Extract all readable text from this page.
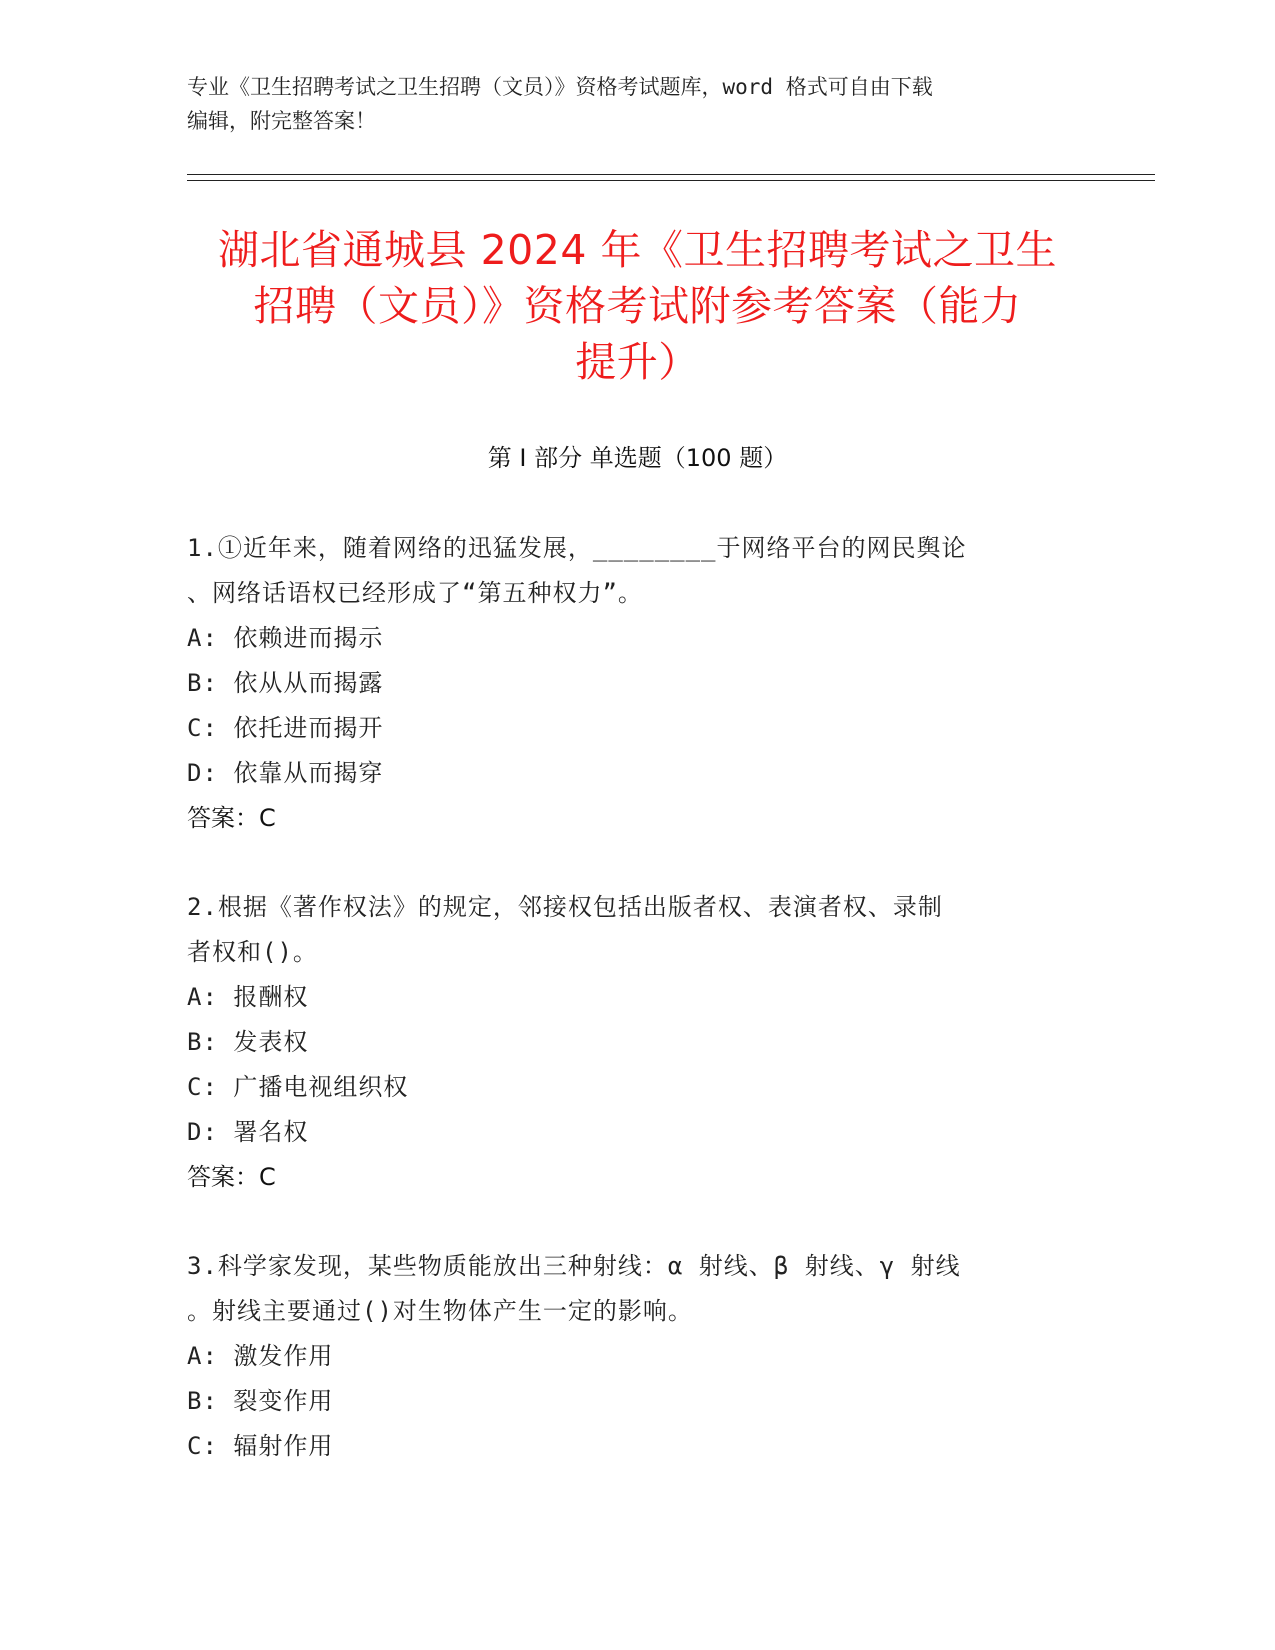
专业《卫生招聘考试之卫生招聘（文员）》资格考试题库，word 格式可自由下载
编辑，附完整答案！
湖北省通城县 2024 年《卫生招聘考试之卫生
招聘（文员）》资格考试附参考答案（能力
提升）
第 I 部分 单选题（100 题）
1.①近年来，随着网络的迅猛发展，________于网络平台的网民舆论
、网络话语权已经形成了“第五种权力”。
A: 依赖进而揭示
B: 依从从而揭露
C: 依托进而揭开
D: 依靠从而揭穿
答案：C
2.根据《著作权法》的规定，邻接权包括出版者权、表演者权、录制
者权和()。
A: 报酬权
B: 发表权
C: 广播电视组织权
D: 署名权
答案：C
3.科学家发现，某些物质能放出三种射线：α 射线、β 射线、γ 射线
。射线主要通过()对生物体产生一定的影响。
A: 激发作用
B: 裂变作用
C: 辐射作用
